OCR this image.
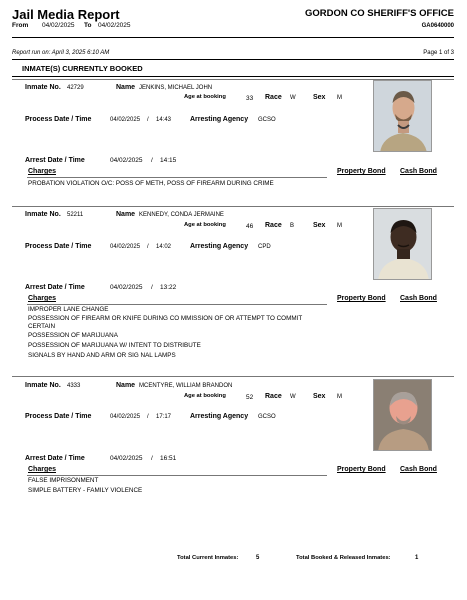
Jail Media Report
From 04/02/2025 To 04/02/2025
GORDON CO SHERIFF'S OFFICE
GA0640000
Report run on: April 3, 2025 6:10 AM	Page 1 of 3
INMATE(S) CURRENTLY BOOKED
Inmate No. 42729	Name JENKINS, MICHAEL JOHN
Age at booking	33 Race W Sex M
Process Date / Time	04/02/2025 / 14:43	Arresting Agency GCSO
Arrest Date / Time	04/02/2025 / 14:15
Charges	Property Bond Cash Bond
PROBATION VIOLATION O/C: POSS OF METH, POSS OF FIREARM DURING CRIME
Inmate No. 52211	Name KENNEDY, CONDA JERMAINE
Age at booking	46 Race B	Sex M
Process Date / Time	04/02/2025 / 14:02	Arresting Agency CPD
Arrest Date / Time	04/02/2025 / 13:22
Charges	Property Bond Cash Bond
IMPROPER LANE CHANGE
POSSESSION OF FIREARM OR KNIFE DURING CO MMISSION OF OR ATTEMPT TO COMMIT
CERTAIN
POSSESSION OF MARIJUANA
POSSESSION OF MARIJUANA W/ INTENT TO DISTRIBUTE
SIGNALS BY HAND AND ARM OR SIG NAL LAMPS
Inmate No. 4333	Name MCENTYRE, WILLIAM BRANDON
Age at booking	52 Race W Sex M
Process Date / Time	04/02/2025 / 17:17	Arresting Agency GCSO
Arrest Date / Time	04/02/2025 / 16:51
Charges	Property Bond Cash Bond
FALSE IMPRISONMENT
SIMPLE BATTERY - FAMILY VIOLENCE
Total Current Inmates:	5	Total Booked & Released Inmates:	1
